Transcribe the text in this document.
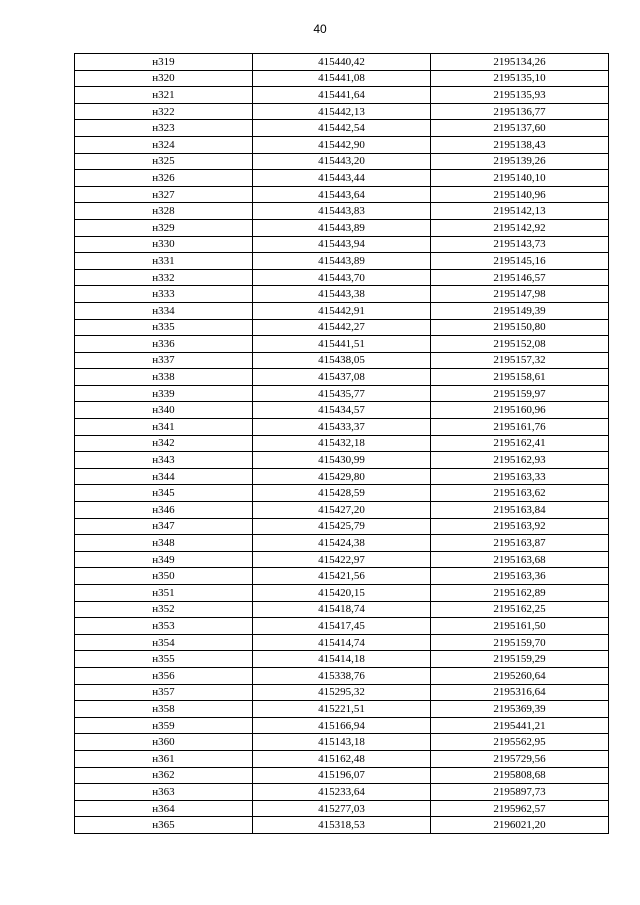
40
н319	415440,42	2195134,26
н320	415441,08	2195135,10
н321	415441,64	2195135,93
н322	415442,13	2195136,77
н323	415442,54	2195137,60
н324	415442,90	2195138,43
н325	415443,20	2195139,26
н326	415443,44	2195140,10
н327	415443,64	2195140,96
н328	415443,83	2195142,13
н329	415443,89	2195142,92
н330	415443,94	2195143,73
н331	415443,89	2195145,16
н332	415443,70	2195146,57
н333	415443,38	2195147,98
н334	415442,91	2195149,39
н335	415442,27	2195150,80
н336	415441,51	2195152,08
н337	415438,05	2195157,32
н338	415437,08	2195158,61
н339	415435,77	2195159,97
н340	415434,57	2195160,96
н341	415433,37	2195161,76
н342	415432,18	2195162,41
н343	415430,99	2195162,93
н344	415429,80	2195163,33
н345	415428,59	2195163,62
н346	415427,20	2195163,84
н347	415425,79	2195163,92
н348	415424,38	2195163,87
н349	415422,97	2195163,68
н350	415421,56	2195163,36
н351	415420,15	2195162,89
н352	415418,74	2195162,25
н353	415417,45	2195161,50
н354	415414,74	2195159,70
н355	415414,18	2195159,29
н356	415338,76	2195260,64
н357	415295,32	2195316,64
н358	415221,51	2195369,39
н359	415166,94	2195441,21
н360	415143,18	2195562,95
н361	415162,48	2195729,56
н362	415196,07	2195808,68
н363	415233,64	2195897,73
н364	415277,03	2195962,57
н365	415318,53	2196021,20
